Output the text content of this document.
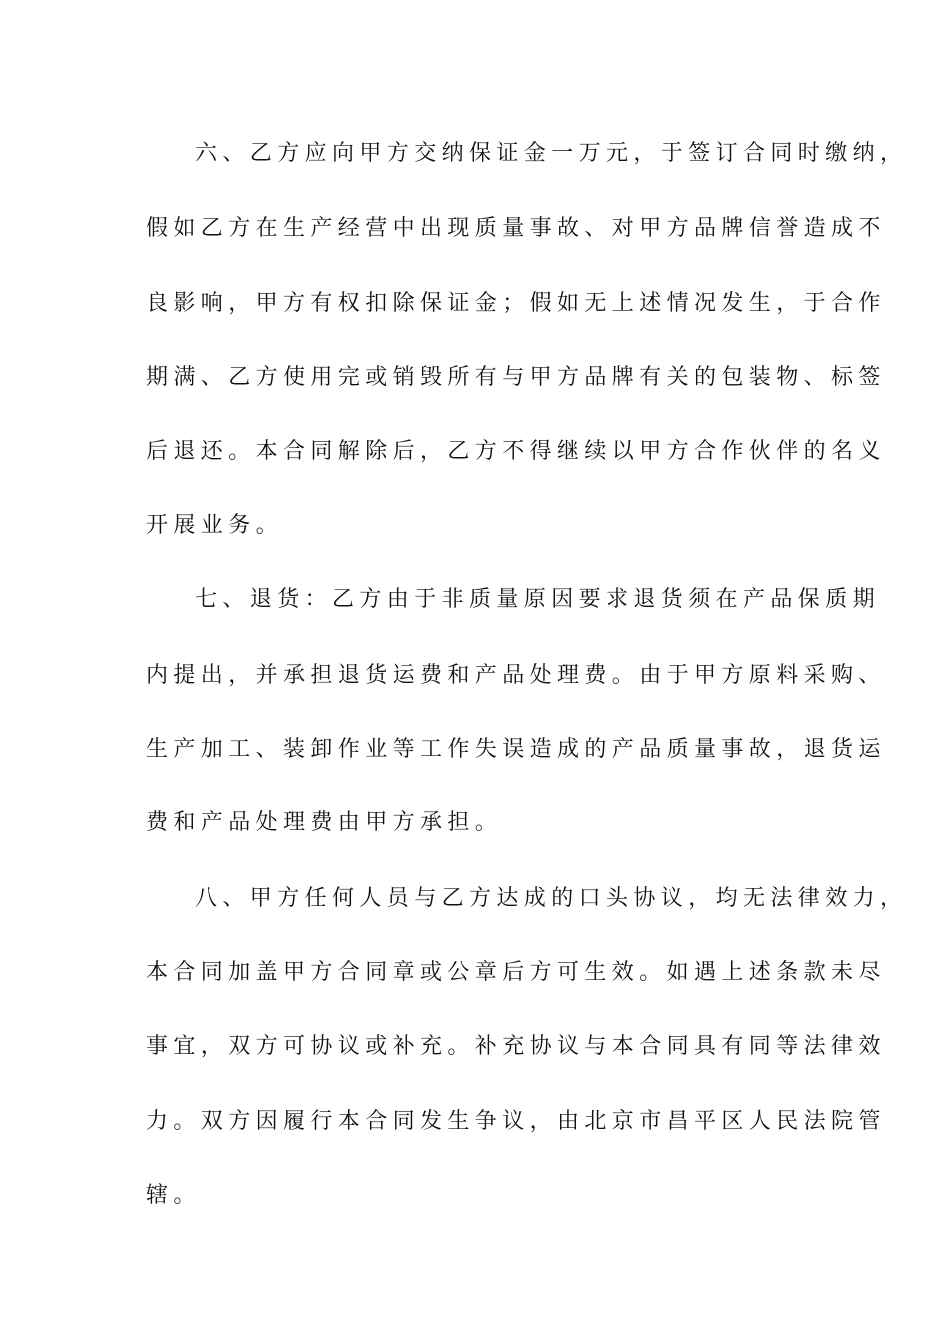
六、乙方应向甲方交纳保证金一万元，于签订合同时缴纳，
假如乙方在生产经营中出现质量事故、对甲方品牌信誉造成不
良影响，甲方有权扣除保证金；假如无上述情况发生，于合作
期满、乙方使用完或销毁所有与甲方品牌有关的包装物、标签
后退还。本合同解除后，乙方不得继续以甲方合作伙伴的名义
开展业务。
七、退货：乙方由于非质量原因要求退货须在产品保质期
内提出，并承担退货运费和产品处理费。由于甲方原料采购、
生产加工、装卸作业等工作失误造成的产品质量事故，退货运
费和产品处理费由甲方承担。
八、甲方任何人员与乙方达成的口头协议，均无法律效力，
本合同加盖甲方合同章或公章后方可生效。如遇上述条款未尽
事宜，双方可协议或补充。补充协议与本合同具有同等法律效
力。双方因履行本合同发生争议，由北京市昌平区人民法院管
辖。
